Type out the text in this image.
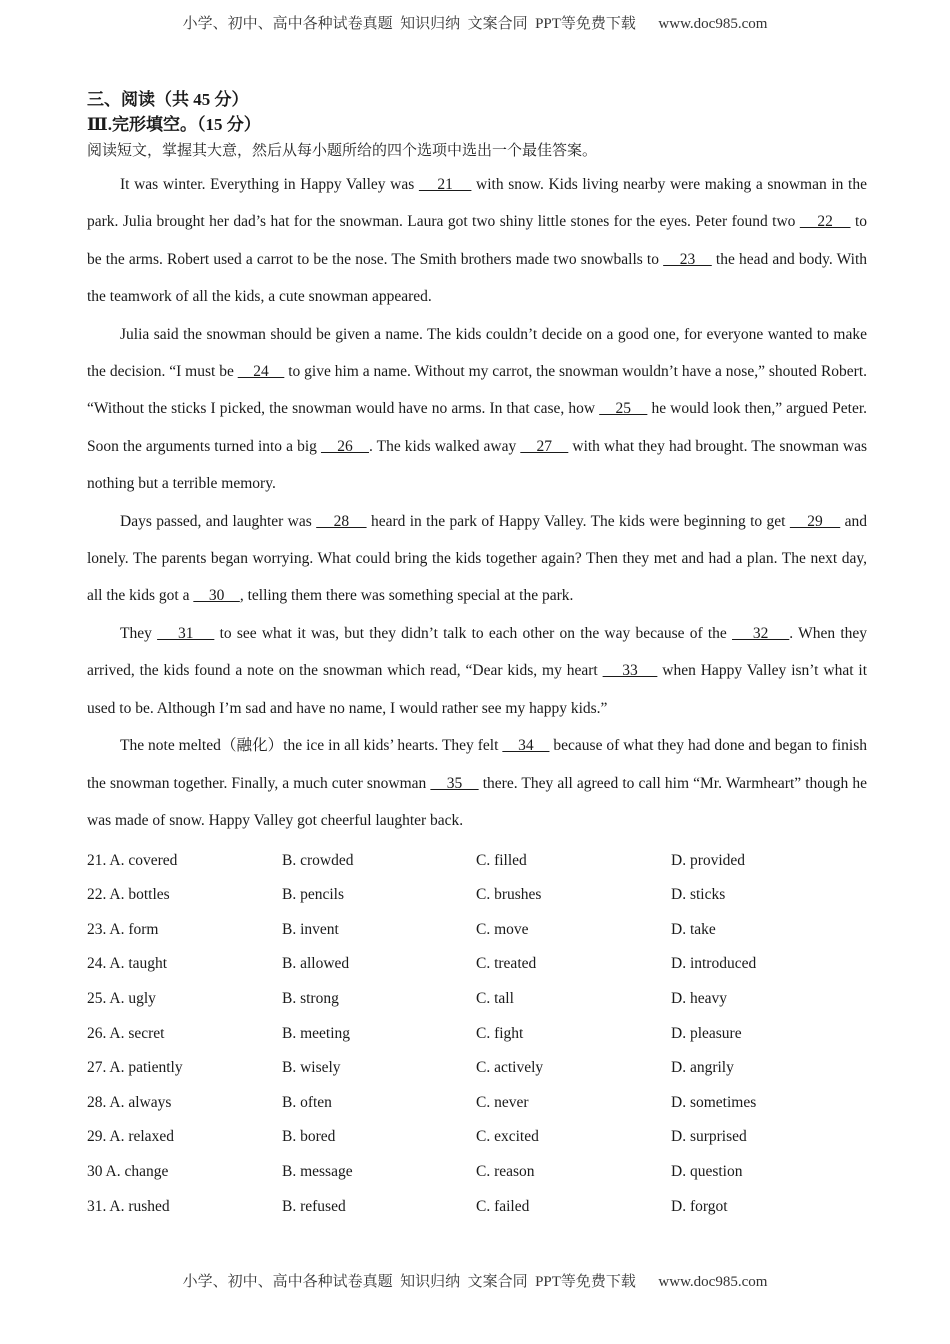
小学、初中、高中各种试卷真题  知识归纳  文案合同  PPT等免费下载      www.doc985.com

三、阅读（共 45 分）

Ⅲ.完形填空。（15 分）

阅读短文，掌握其大意，然后从每小题所给的四个选项中选出一个最佳答案。

It was winter. Everything in Happy Valley was     21     with snow. Kids living nearby were making a snowman in the park. Julia brought her dad’s hat for the snowman. Laura got two shiny little stones for the eyes. Peter found two     22     to be the arms. Robert used a carrot to be the nose. The Smith brothers made two snowballs to     23     the head and body. With the teamwork of all the kids, a cute snowman appeared.

Julia said the snowman should be given a name. The kids couldn’t decide on a good one, for everyone wanted to make the decision. “I must be     24     to give him a name. Without my carrot, the snowman wouldn’t have a nose,” shouted Robert. “Without the sticks I picked, the snowman would have no arms. In that case, how     25     he would look then,” argued Peter. Soon the arguments turned into a big     26    . The kids walked away     27     with what they had brought. The snowman was nothing but a terrible memory.

Days passed, and laughter was     28     heard in the park of Happy Valley. The kids were beginning to get     29     and lonely. The parents began worrying. What could bring the kids together again? Then they met and had a plan. The next day, all the kids got a     30    , telling them there was something special at the park.

They     31     to see what it was, but they didn’t talk to each other on the way because of the     32    . When they arrived, the kids found a note on the snowman which read, “Dear kids, my heart     33     when Happy Valley isn’t what it used to be. Although I’m sad and have no name, I would rather see my happy kids.”

The note melted（融化）the ice in all kids’ hearts. They felt     34     because of what they had done and began to finish the snowman together. Finally, a much cuter snowman     35     there. They all agreed to call him “Mr. Warmheart” though he was made of snow. Happy Valley got cheerful laughter back.

21. A. covered	B. crowded	C. filled	D. provided
22. A. bottles	B. pencils	C. brushes	D. sticks
23. A. form	B. invent	C. move	D. take
24. A. taught	B. allowed	C. treated	D. introduced
25. A. ugly	B. strong	C. tall	D. heavy
26. A. secret	B. meeting	C. fight	D. pleasure
27. A. patiently	B. wisely	C. actively	D. angrily
28. A. always	B. often	C. never	D. sometimes
29. A. relaxed	B. bored	C. excited	D. surprised
30 A. change	B. message	C. reason	D. question
31. A. rushed	B. refused	C. failed	D. forgot
小学、初中、高中各种试卷真题  知识归纳  文案合同  PPT等免费下载      www.doc985.com
